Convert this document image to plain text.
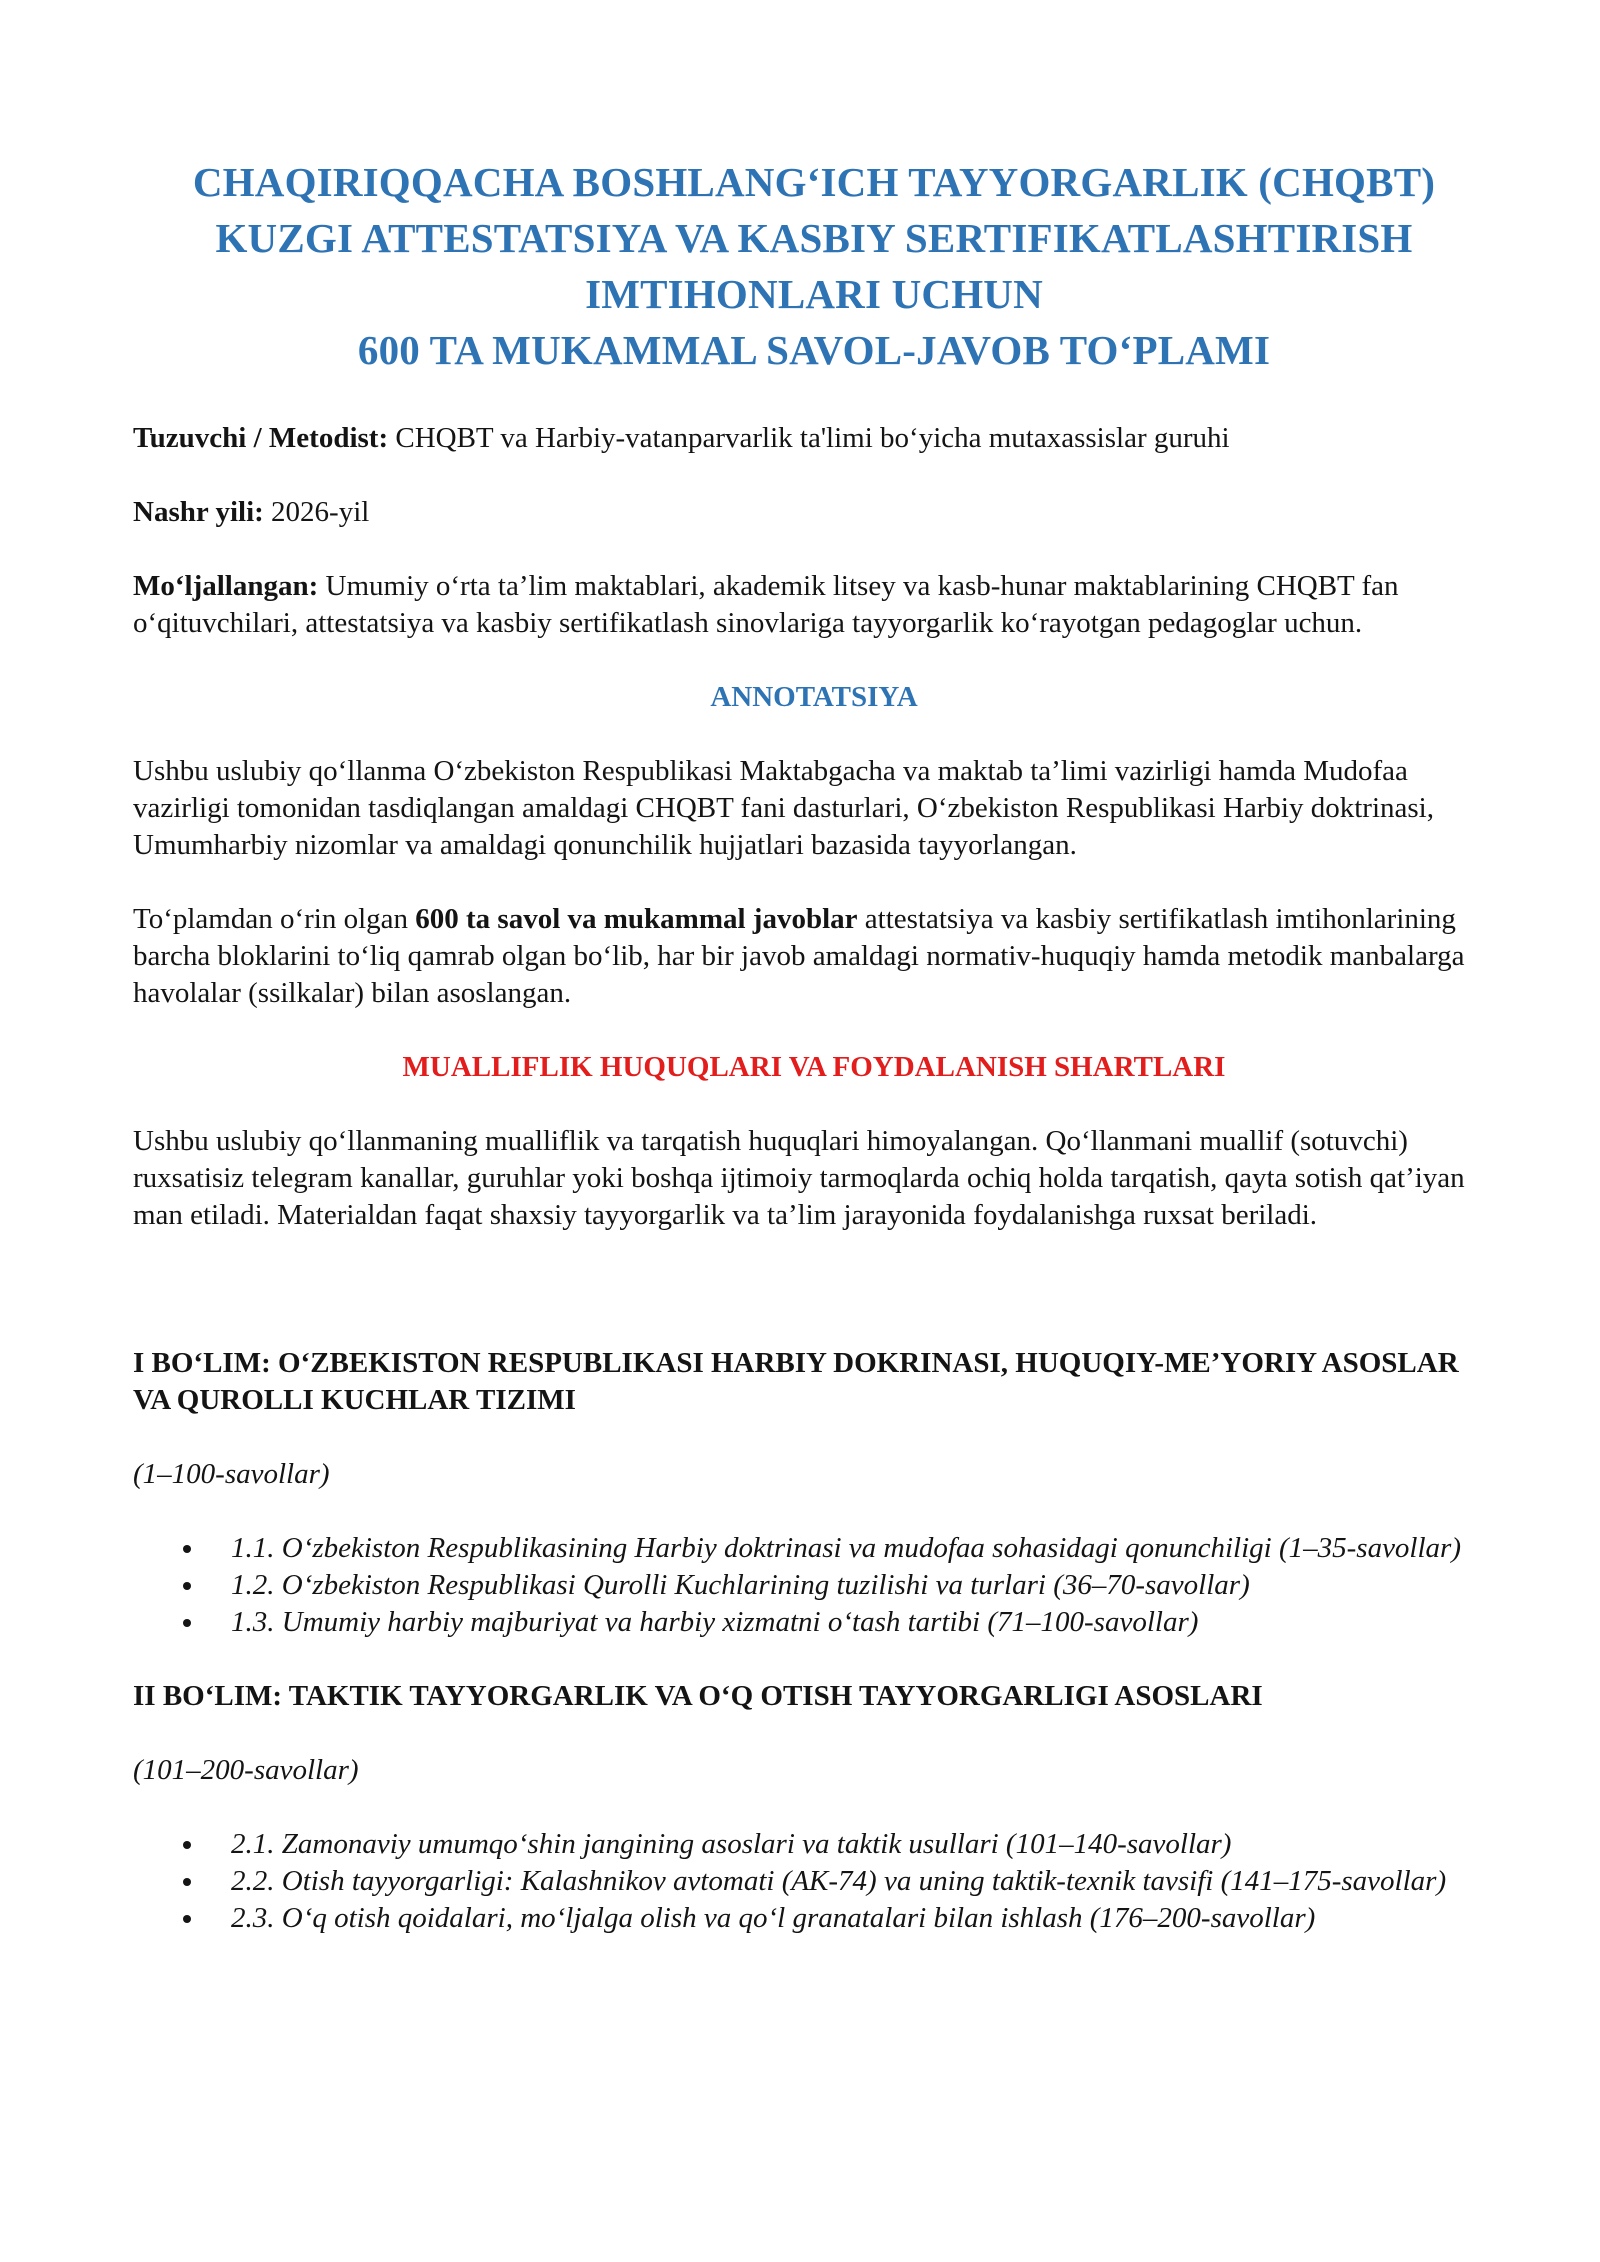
CHAQIRIQQACHA BOSHLANG‘ICH TAYYORGARLIK (CHQBT)
KUZGI ATTESTATSIYA VA KASBIY SERTIFIKATLASHTIRISH
IMTIHONLARI UCHUN
600 TA MUKAMMAL SAVOL-JAVOB TO‘PLAMI
Tuzuvchi / Metodist: CHQBT va Harbiy-vatanparvarlik ta'limi bo‘yicha mutaxassislar guruhi
Nashr yili: 2026-yil
Mo‘ljallangan: Umumiy o‘rta ta’lim maktablari, akademik litsey va kasb-hunar maktablarining CHQBT fan o‘qituvchilari, attestatsiya va kasbiy sertifikatlash sinovlariga tayyorgarlik ko‘rayotgan pedagoglar uchun.
ANNOTATSIYA

Ushbu uslubiy qo‘llanma O‘zbekiston Respublikasi Maktabgacha va maktab ta’limi vazirligi hamda Mudofaa vazirligi tomonidan tasdiqlangan amaldagi CHQBT fani dasturlari, O‘zbekiston Respublikasi Harbiy doktrinasi, Umumharbiy nizomlar va amaldagi qonunchilik hujjatlari bazasida tayyorlangan.

To‘plamdan o‘rin olgan 600 ta savol va mukammal javoblar attestatsiya va kasbiy sertifikatlash imtihonlarining barcha bloklarini to‘liq qamrab olgan bo‘lib, har bir javob amaldagi normativ-huquqiy hamda metodik manbalarga havolalar (ssilkalar) bilan asoslangan.

MUALLIFLIK HUQUQLARI VA FOYDALANISH SHARTLARI

Ushbu uslubiy qo‘llanmaning mualliflik va tarqatish huquqlari himoyalangan. Qo‘llanmani muallif (sotuvchi) ruxsatisiz telegram kanallar, guruhlar yoki boshqa ijtimoiy tarmoqlarda ochiq holda tarqatish, qayta sotish qat’iyan man etiladi. Materialdan faqat shaxsiy tayyorgarlik va ta’lim jarayonida foydalanishga ruxsat beriladi.

I BO‘LIM: O‘ZBEKISTON RESPUBLIKASI HARBIY DOKRINASI, HUQUQIY-ME’YORIY ASOSLAR VA QUROLLI KUCHLAR TIZIMI
(1–100-savollar)
1.1. O‘zbekiston Respublikasining Harbiy doktrinasi va mudofaa sohasidagi qonunchiligi (1–35-savollar)
1.2. O‘zbekiston Respublikasi Qurolli Kuchlarining tuzilishi va turlari (36–70-savollar)
1.3. Umumiy harbiy majburiyat va harbiy xizmatni o‘tash tartibi (71–100-savollar)
II BO‘LIM: TAKTIK TAYYORGARLIK VA O‘Q OTISH TAYYORGARLIGI ASOSLARI
(101–200-savollar)
2.1. Zamonaviy umumqo‘shin jangining asoslari va taktik usullari (101–140-savollar)
2.2. Otish tayyorgarligi: Kalashnikov avtomati (AK-74) va uning taktik-texnik tavsifi (141–175-savollar)
2.3. O‘q otish qoidalari, mo‘ljalga olish va qo‘l granatalari bilan ishlash (176–200-savollar)
